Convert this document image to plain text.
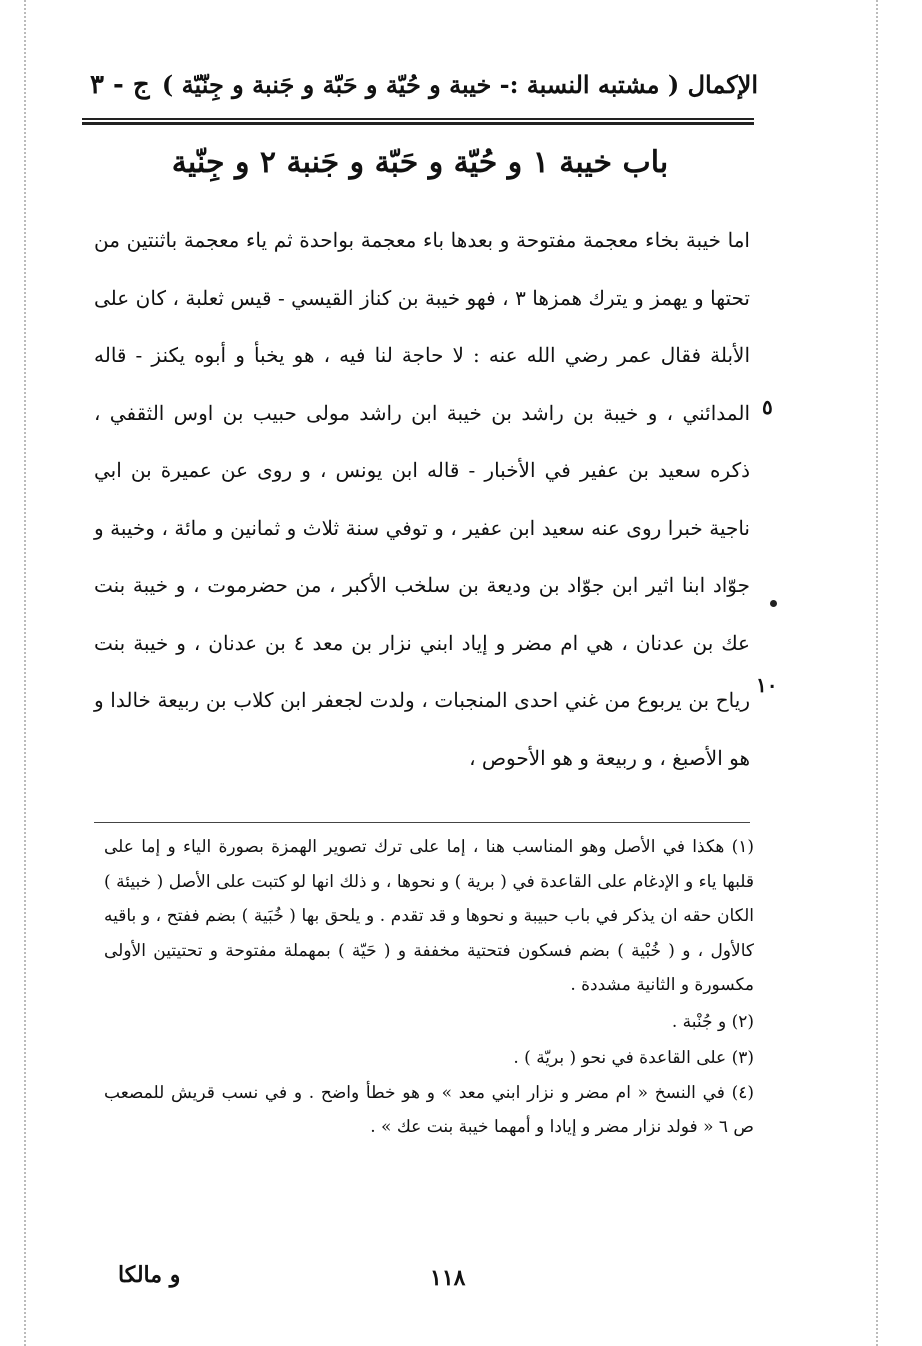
الإكمال ( مشتبه النسبة :- خيبة و حُيّة و حَبّة و جَنبة و جِنّيّة )
ج - ٣
باب خيبة ١ و حُيّة و حَبّة و جَنبة ٢ و جِنّية
٥
١٠
اما خيبة بخاء معجمة مفتوحة و بعدها باء معجمة بواحدة ثم ياء معجمة باثنتين من تحتها و يهمز و يترك همزها ٣ ، فهو خيبة بن كناز القيسي - قيس ثعلبة ، كان على الأبلة فقال عمر رضي الله عنه : لا حاجة لنا فيه ، هو يخبأ و أبوه يكنز - قاله المدائني ، و خيبة بن راشد بن خيبة ابن راشد مولى حبيب بن اوس الثقفي ، ذكره سعيد بن عفير في الأخبار - قاله ابن يونس ، و روى عن عميرة بن ابي ناجية خبرا روى عنه سعيد ابن عفير ، و توفي سنة ثلاث و ثمانين و مائة ، وخيبة و جوّاد ابنا اثير ابن جوّاد بن وديعة بن سلخب الأكبر ، من حضرموت ، و خيبة بنت عك بن عدنان ، هي ام مضر و إياد ابني نزار بن معد ٤ بن عدنان ، و خيبة بنت رياح بن يربوع من غني احدى المنجبات ، ولدت لجعفر ابن كلاب بن ربيعة خالدا و هو الأصبغ ، و ربيعة و هو الأحوص ،

(١) هكذا في الأصل وهو المناسب هنا ، إما على ترك تصوير الهمزة بصورة الياء و إما على قلبها ياء و الإدغام على القاعدة في ( برية ) و نحوها ، و ذلك انها لو كتبت على الأصل ( خبيئة ) الكان حقه ان يذكر في باب حبيبة و نحوها و قد تقدم . و يلحق بها ( خُبَية ) بضم ففتح ، و باقيه كالأول ، و ( خُبْية ) بضم فسكون فتحتية مخففة و ( حَيّة ) بمهملة مفتوحة و تحتيتين الأولى مكسورة و الثانية مشددة .

(٢) و جُنْبة .

(٣) على القاعدة في نحو ( بريّة ) .

(٤) في النسخ « ام مضر و نزار ابني معد » و هو خطأ واضح . و في نسب قريش للمصعب ص ٦ « فولد نزار مضر و إيادا و أمهما خيبة بنت عك » .

١١٨
و مالكا
